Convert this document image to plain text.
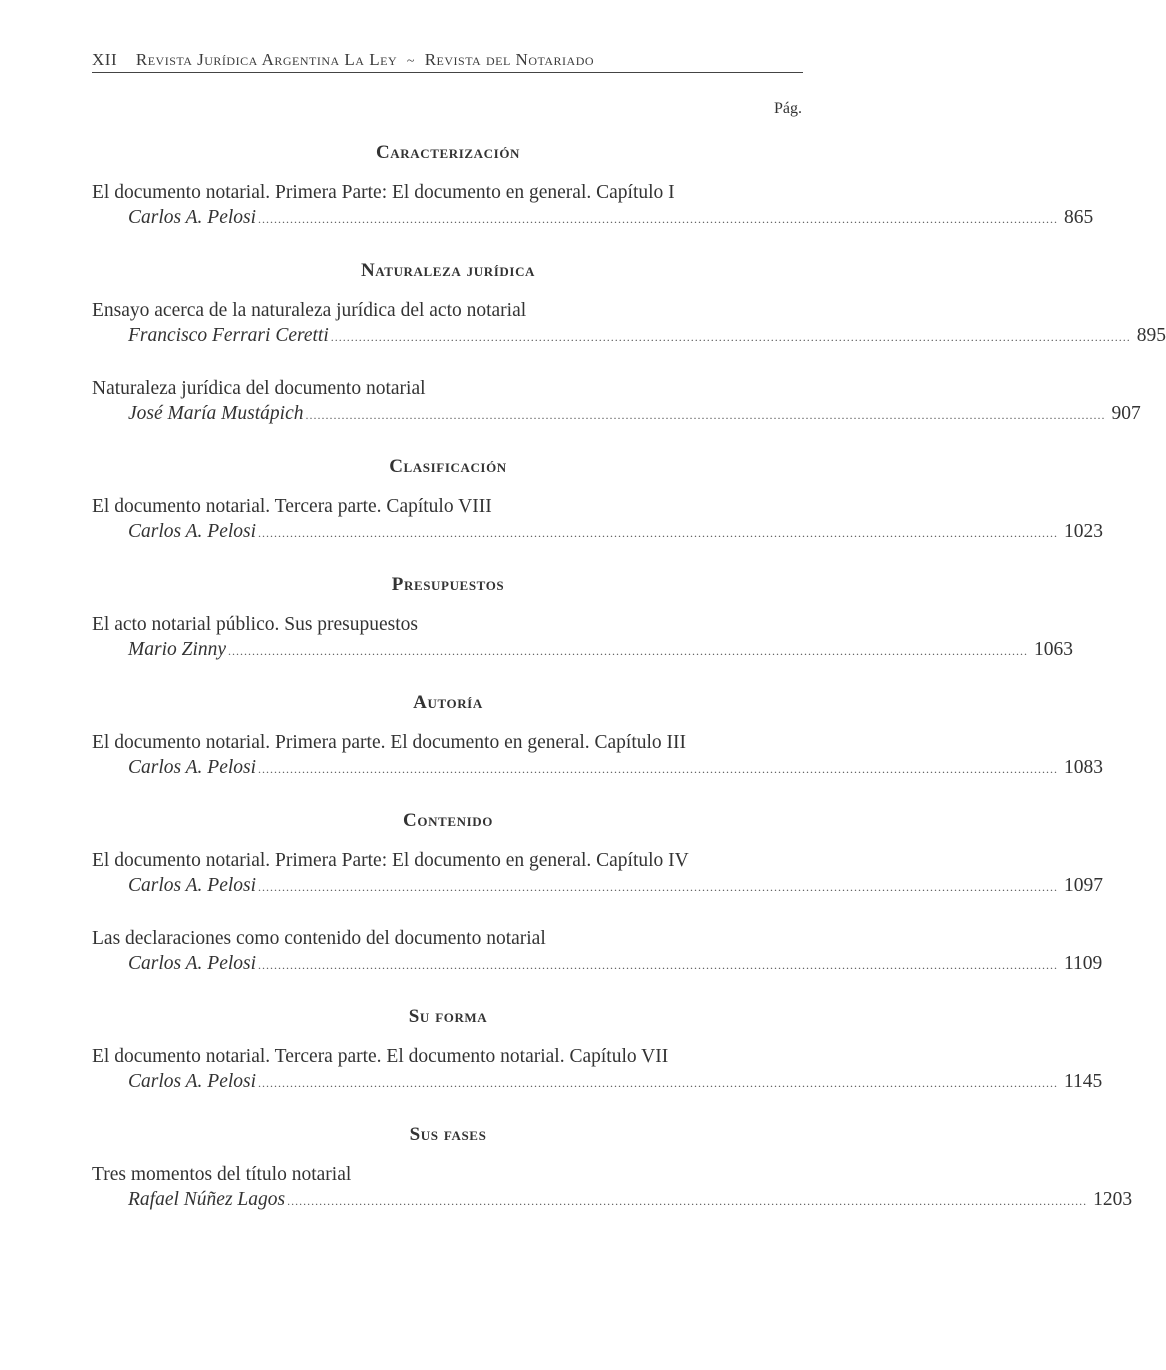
XII Revista Jurídica Argentina La Ley ~ Revista del Notariado
Pág.
Caracterización
El documento notarial. Primera Parte: El documento en general. Capítulo I
Carlos A. Pelosi ........................................................................................................................................................................................................ 865
Naturaleza jurídica
Ensayo acerca de la naturaleza jurídica del acto notarial
Francisco Ferrari Ceretti ........................................................................................................................................................................................................ 895
Naturaleza jurídica del documento notarial
José María Mustápich ........................................................................................................................................................................................................ 907
Clasificación
El documento notarial. Tercera parte. Capítulo VIII
Carlos A. Pelosi ........................................................................................................................................................................................................ 1023
Presupuestos
El acto notarial público. Sus presupuestos
Mario Zinny ........................................................................................................................................................................................................ 1063
Autoría
El documento notarial. Primera parte. El documento en general. Capítulo III
Carlos A. Pelosi ........................................................................................................................................................................................................ 1083
Contenido
El documento notarial. Primera Parte: El documento en general. Capítulo IV
Carlos A. Pelosi ........................................................................................................................................................................................................ 1097
Las declaraciones como contenido del documento notarial
Carlos A. Pelosi ........................................................................................................................................................................................................ 1109
Su forma
El documento notarial. Tercera parte. El documento notarial. Capítulo VII
Carlos A. Pelosi ........................................................................................................................................................................................................ 1145
Sus fases
Tres momentos del título notarial
Rafael Núñez Lagos ........................................................................................................................................................................................................ 1203
